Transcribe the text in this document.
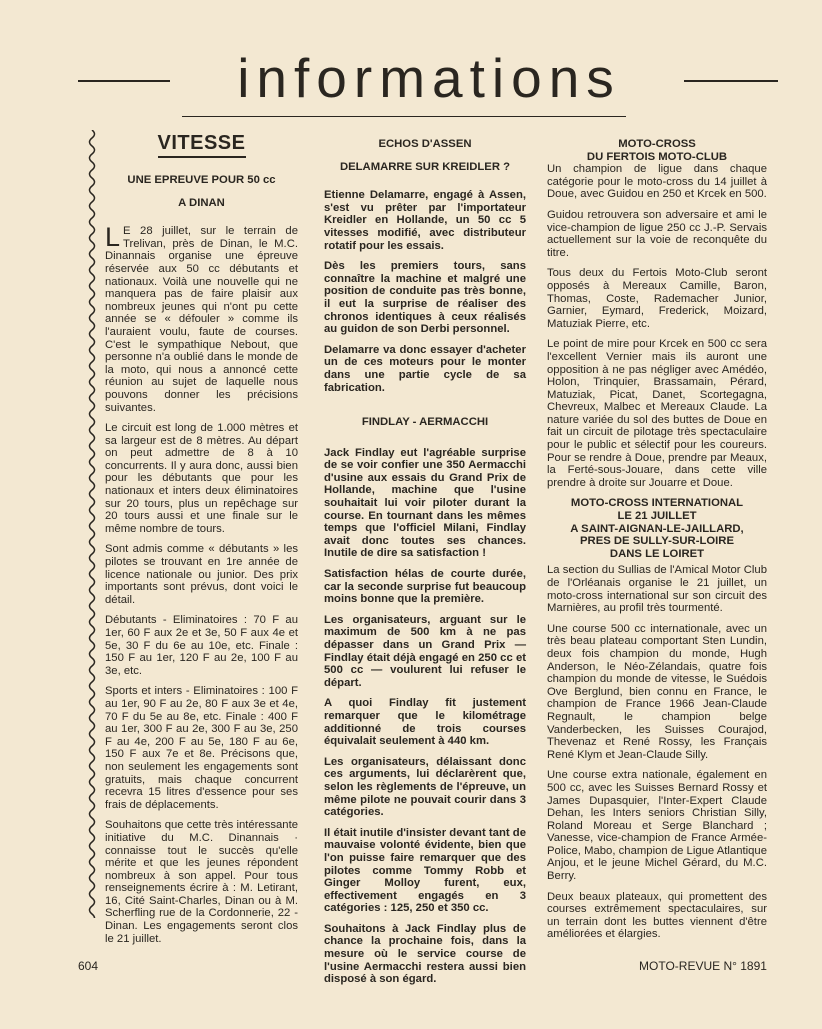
informations
VITESSE
UNE EPREUVE POUR 50 cc
A DINAN

L E 28 juillet, sur le terrain de Trelivan, près de Dinan, le M.C. Dinannais organise une épreuve réservée aux 50 cc débutants et nationaux. Voilà une nouvelle qui ne manquera pas de faire plaisir aux nombreux jeunes qui n'ont pu cette année se « défouler » comme ils l'auraient voulu, faute de courses. C'est le sympathique Nebout, que personne n'a oublié dans le monde de la moto, qui nous a annoncé cette réunion au sujet de laquelle nous pouvons donner les précisions suivantes.

Le circuit est long de 1.000 mètres et sa largeur est de 8 mètres. Au départ on peut admettre de 8 à 10 concurrents. Il y aura donc, aussi bien pour les débutants que pour les nationaux et inters deux éliminatoires sur 20 tours, plus un repêchage sur 20 tours aussi et une finale sur le même nombre de tours.

Sont admis comme « débutants » les pilotes se trouvant en 1re année de licence nationale ou junior. Des prix importants sont prévus, dont voici le détail.

Débutants - Eliminatoires : 70 F au 1er, 60 F aux 2e et 3e, 50 F aux 4e et 5e, 30 F du 6e au 10e, etc. Finale : 150 F au 1er, 120 F au 2e, 100 F au 3e, etc.

Sports et inters - Eliminatoires : 100 F au 1er, 90 F au 2e, 80 F aux 3e et 4e, 70 F du 5e au 8e, etc. Finale : 400 F au 1er, 300 F au 2e, 300 F au 3e, 250 F au 4e, 200 F au 5e, 180 F au 6e, 150 F aux 7e et 8e. Précisons que, non seulement les engagements sont gratuits, mais chaque concurrent recevra 15 litres d'essence pour ses frais de déplacements.

Souhaitons que cette très intéressante initiative du M.C. Dinannais · connaisse tout le succès qu'elle mérite et que les jeunes répondent nombreux à son appel. Pour tous renseignements écrire à : M. Letirant, 16, Cité Saint-Charles, Dinan ou à M. Scherfling rue de la Cordonnerie, 22 - Dinan. Les engagements seront clos le 21 juillet.

ECHOS D'ASSEN
DELAMARRE SUR KREIDLER ?

Etienne Delamarre, engagé à Assen, s'est vu prêter par l'importateur Kreidler en Hollande, un 50 cc 5 vitesses modifié, avec distributeur rotatif pour les essais.

Dès les premiers tours, sans connaître la machine et malgré une position de conduite pas très bonne, il eut la surprise de réaliser des chronos identiques à ceux réalisés au guidon de son Derbi personnel.

Delamarre va donc essayer d'acheter un de ces moteurs pour le monter dans une partie cycle de sa fabrication.

FINDLAY - AERMACCHI

Jack Findlay eut l'agréable surprise de se voir confier une 350 Aermacchi d'usine aux essais du Grand Prix de Hollande, machine que l'usine souhaitait lui voir piloter durant la course. En tournant dans les mêmes temps que l'officiel Milani, Findlay avait donc toutes ses chances. Inutile de dire sa satisfaction !

Satisfaction hélas de courte durée, car la seconde surprise fut beaucoup moins bonne que la première.

Les organisateurs, arguant sur le maximum de 500 km à ne pas dépasser dans un Grand Prix — Findlay était déjà engagé en 250 cc et 500 cc — voulurent lui refuser le départ.

A quoi Findlay fit justement remarquer que le kilométrage additionné de trois courses équivalait seulement à 440 km.

Les organisateurs, délaissant donc ces arguments, lui déclarèrent que, selon les règlements de l'épreuve, un même pilote ne pouvait courir dans 3 catégories.

Il était inutile d'insister devant tant de mauvaise volonté évidente, bien que l'on puisse faire remarquer que des pilotes comme Tommy Robb et Ginger Molloy furent, eux, effectivement engagés en 3 catégories : 125, 250 et 350 cc.

Souhaitons à Jack Findlay plus de chance la prochaine fois, dans la mesure où le service course de l'usine Aermacchi restera aussi bien disposé à son égard.

MOTO-CROSS
DU FERTOIS MOTO-CLUB

Un champion de ligue dans chaque catégorie pour le moto-cross du 14 juillet à Doue, avec Guidou en 250 et Krcek en 500.

Guidou retrouvera son adversaire et ami le vice-champion de ligue 250 cc J.-P. Servais actuellement sur la voie de reconquête du titre.

Tous deux du Fertois Moto-Club seront opposés à Mereaux Camille, Baron, Thomas, Coste, Rademacher Junior, Garnier, Eymard, Frederick, Moizard, Matuziak Pierre, etc.

Le point de mire pour Krcek en 500 cc sera l'excellent Vernier mais ils auront une opposition à ne pas négliger avec Amédéo, Holon, Trinquier, Brassamain, Pérard, Matuziak, Picat, Danet, Scortegagna, Chevreux, Malbec et Mereaux Claude. La nature variée du sol des buttes de Doue en fait un circuit de pilotage très spectaculaire pour le public et sélectif pour les coureurs. Pour se rendre à Doue, prendre par Meaux, la Ferté-sous-Jouare, dans cette ville prendre à droite sur Jouarre et Doue.

MOTO-CROSS INTERNATIONAL
LE 21 JUILLET
A SAINT-AIGNAN-LE-JAILLARD,
PRES DE SULLY-SUR-LOIRE
DANS LE LOIRET

La section du Sullias de l'Amical Motor Club de l'Orléanais organise le 21 juillet, un moto-cross international sur son circuit des Marnières, au profil très tourmenté.

Une course 500 cc internationale, avec un très beau plateau comportant Sten Lundin, deux fois champion du monde, Hugh Anderson, le Néo-Zélandais, quatre fois champion du monde de vitesse, le Suédois Ove Berglund, bien connu en France, le champion de France 1966 Jean-Claude Regnault, le champion belge Vanderbecken, les Suisses Courajod, Thevenaz et René Rossy, les Français René Klym et Jean-Claude Silly.

Une course extra nationale, également en 500 cc, avec les Suisses Bernard Rossy et James Dupasquier, l'Inter-Expert Claude Dehan, les Inters seniors Christian Silly, Roland Moreau et Serge Blanchard ; Vanesse, vice-champion de France Armée-Police, Mabo, champion de Ligue Atlantique Anjou, et le jeune Michel Gérard, du M.C. Berry.

Deux beaux plateaux, qui promettent des courses extrêmement spectaculaires, sur un terrain dont les buttes viennent d'être améliorées et élargies.

604	MOTO-REVUE N° 1891
